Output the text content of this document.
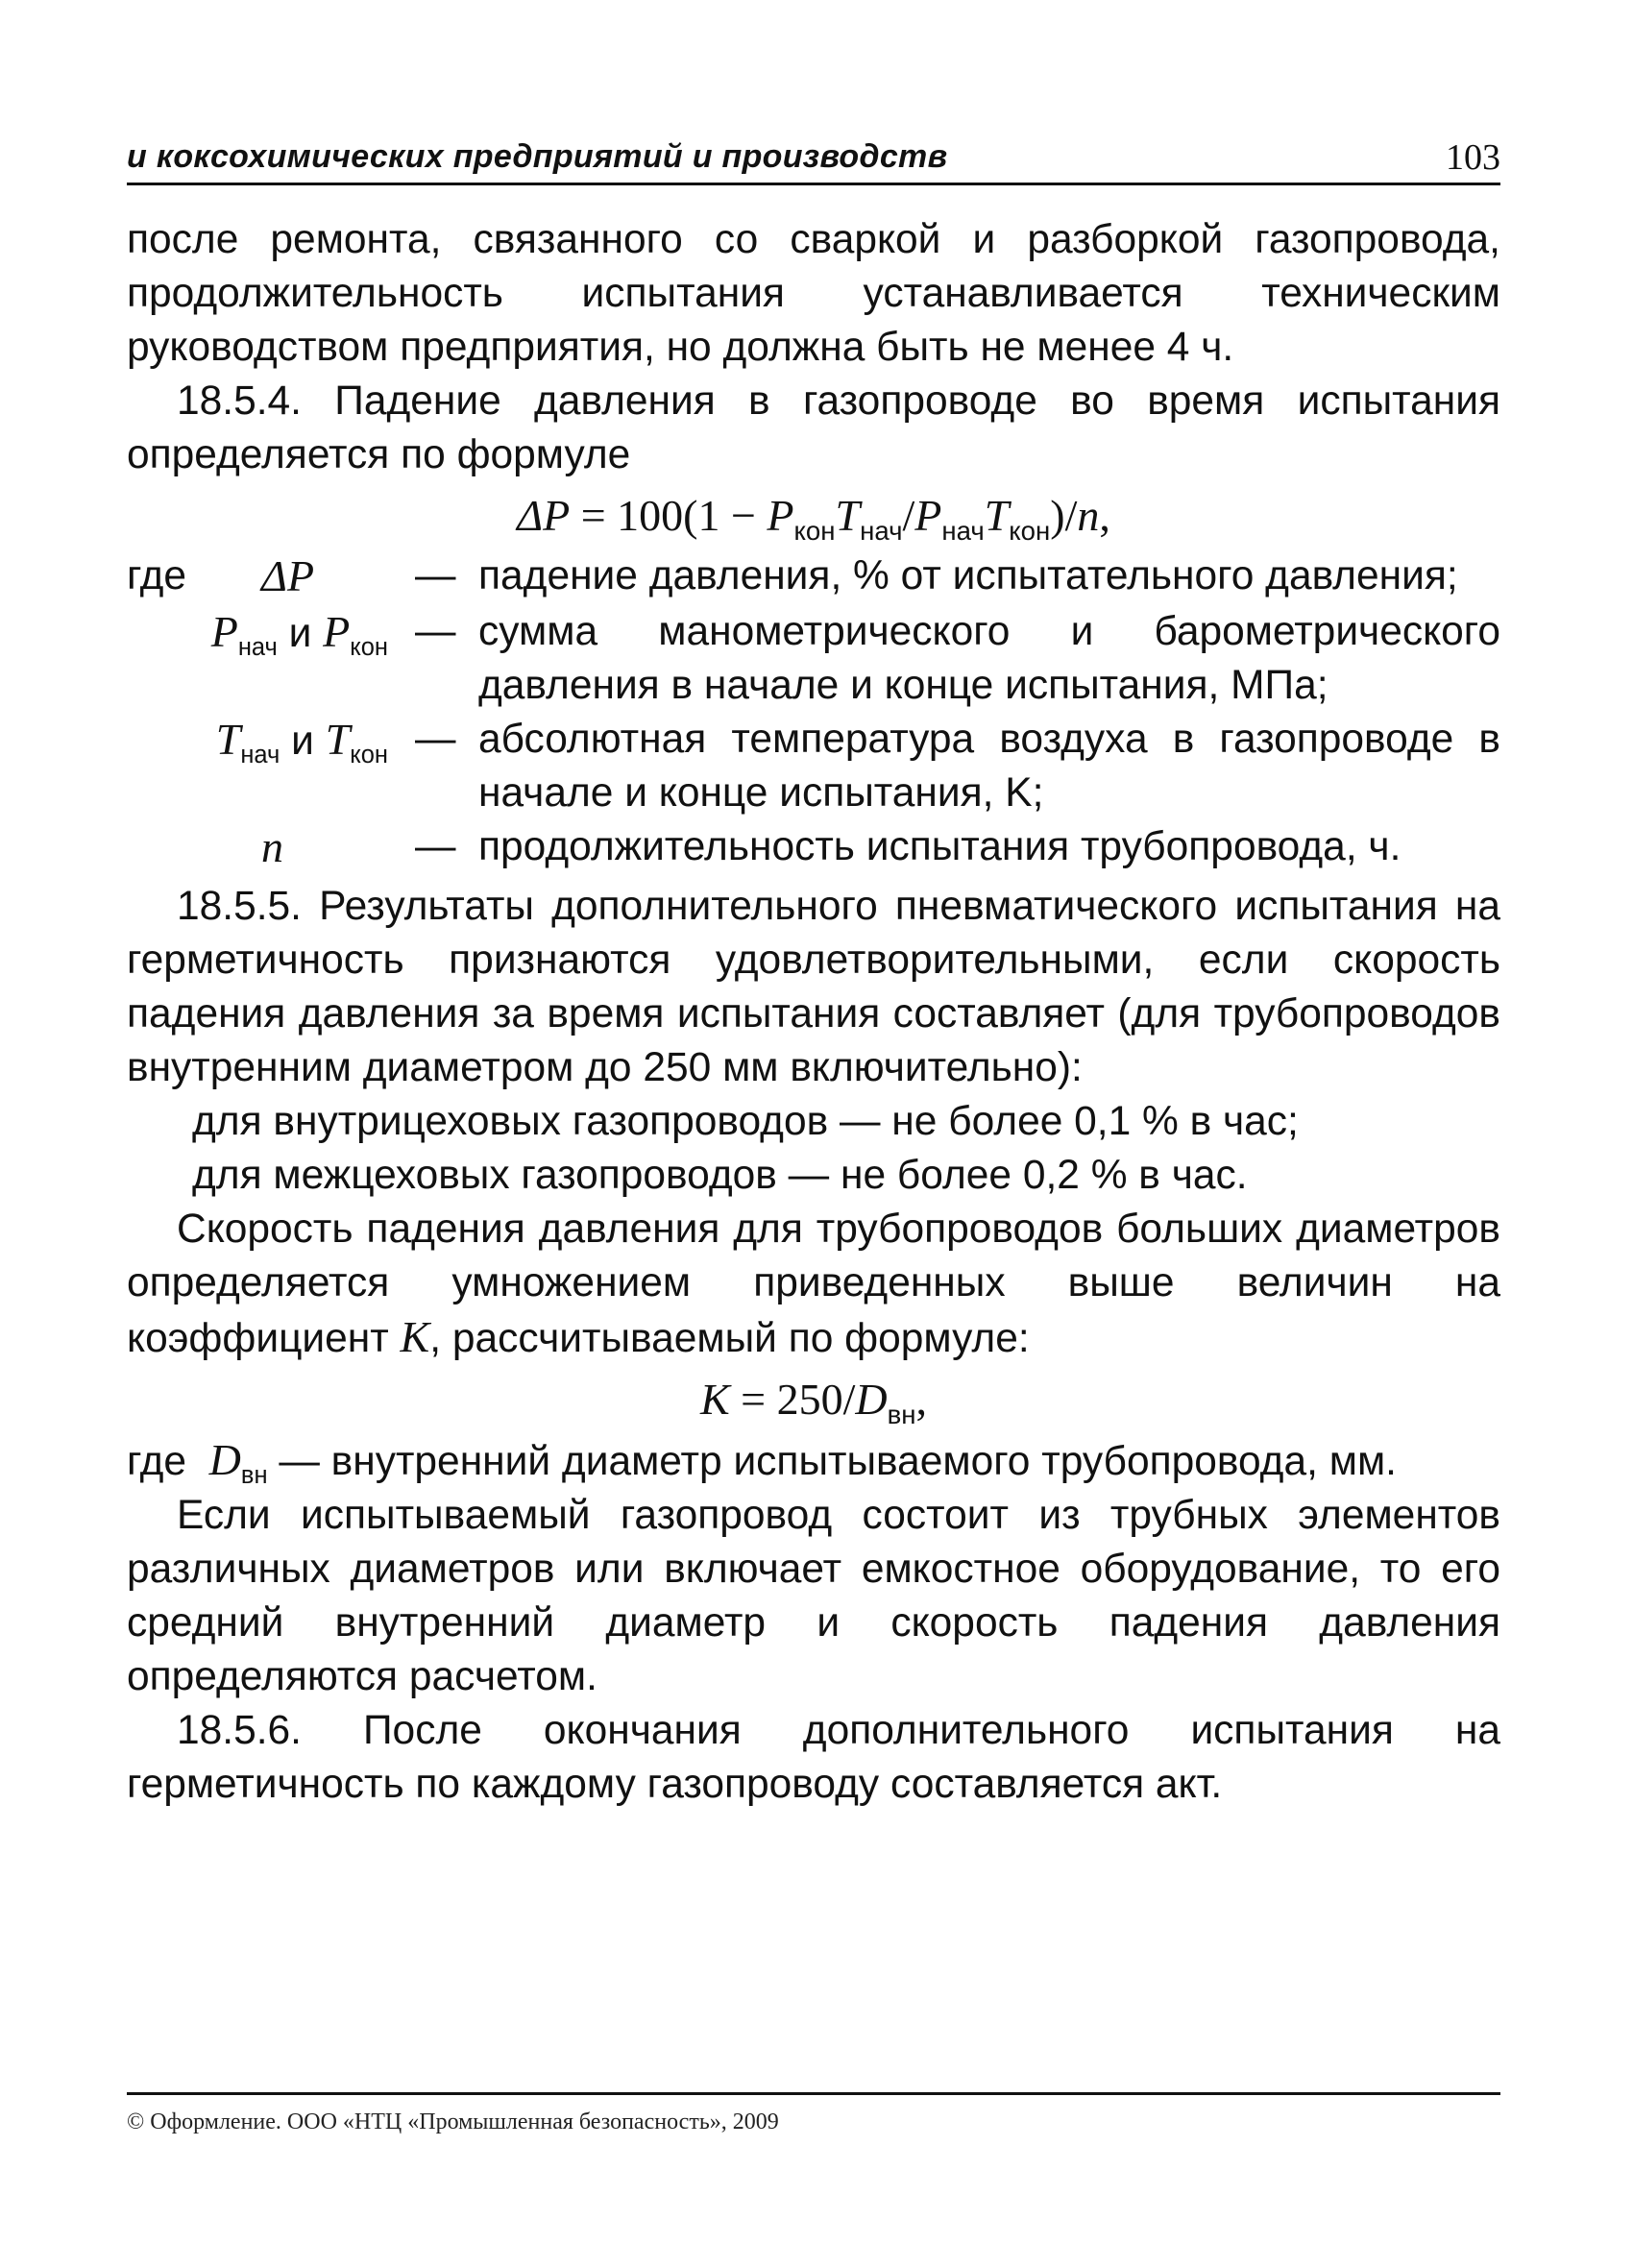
и коксохимических предприятий и производств	103

после ремонта, связанного со сваркой и разборкой газопровода, продолжительность испытания устанавливается техническим руководством предприятия, но должна быть не менее 4 ч.

18.5.4. Падение давления в газопроводе во время испытания определяется по формуле

$\Delta P = 100(1 - P_{кон}T_{нач}/P_{нач}T_{кон})/n$,
где	ΔP	— падение давления, % от испытательного давления;
$P_{нач}$ и $P_{кон}$ — сумма манометрического и барометрического давления в начале и конце испытания, МПа;
$T_{нач}$ и $T_{кон}$ — абсолютная температура воздуха в газопроводе в начале и конце испытания, K;
n	— продолжительность испытания трубопровода, ч.

18.5.5. Результаты дополнительного пневматического испытания на герметичность признаются удовлетворительными, если скорость падения давления за время испытания составляет (для трубопроводов внутренним диаметром до 250 мм включительно):

для внутрицеховых газопроводов — не более 0,1 % в час;

для межцеховых газопроводов — не более 0,2 % в час.

Скорость падения давления для трубопроводов больших диаметров определяется умножением приведенных выше величин на коэффициент K, рассчитываемый по формуле:

$K = 250/D_{вн}$,

где $D_{вн}$ — внутренний диаметр испытываемого трубопровода, мм.

Если испытываемый газопровод состоит из трубных элементов различных диаметров или включает емкостное оборудование, то его средний внутренний диаметр и скорость падения давления определяются расчетом.

18.5.6. После окончания дополнительного испытания на герметичность по каждому газопроводу составляется акт.

© Оформление. ООО «НТЦ «Промышленная безопасность», 2009
